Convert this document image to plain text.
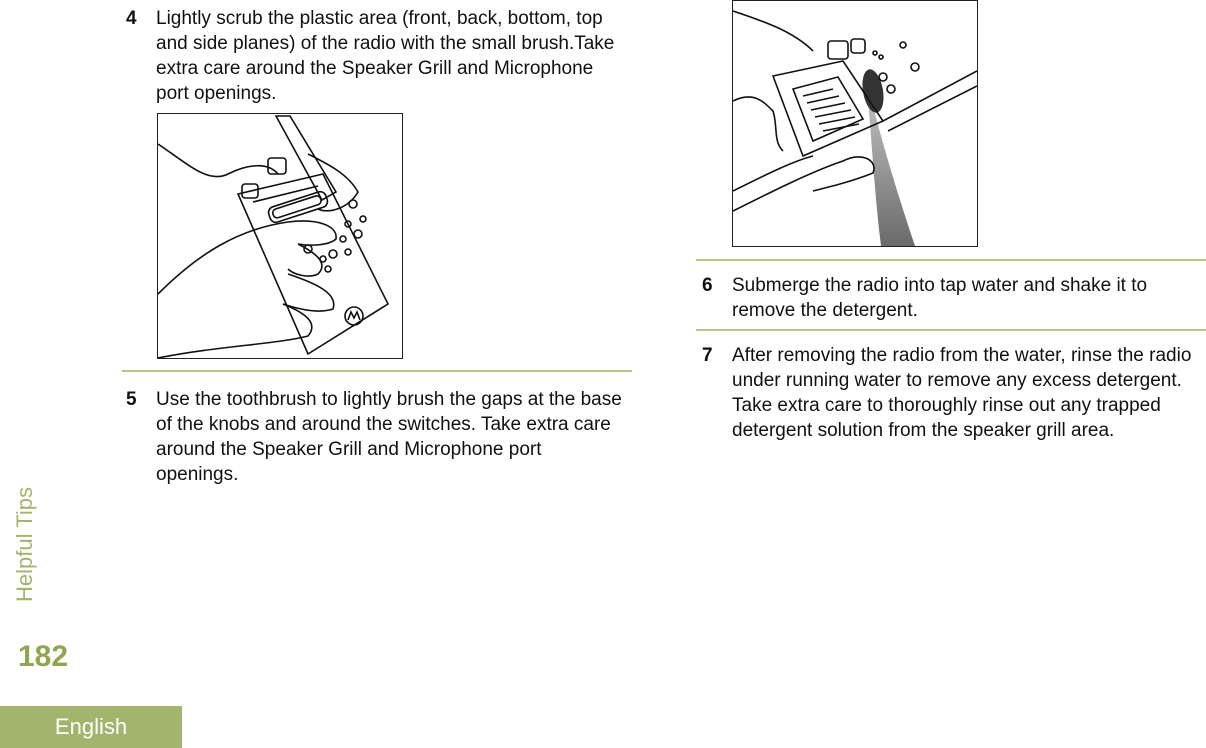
Helpful Tips
182
English
4 Lightly scrub the plastic area (front, back, bottom, top and side planes) of the radio with the small brush.Take extra care around the Speaker Grill and Microphone port openings.
5 Use the toothbrush to lightly brush the gaps at the base of the knobs and around the switches. Take extra care around the Speaker Grill and Microphone port openings.
6 Submerge the radio into tap water and shake it to remove the detergent.
7 After removing the radio from the water, rinse the radio under running water to remove any excess detergent. Take extra care to thoroughly rinse out any trapped detergent solution from the speaker grill area.
